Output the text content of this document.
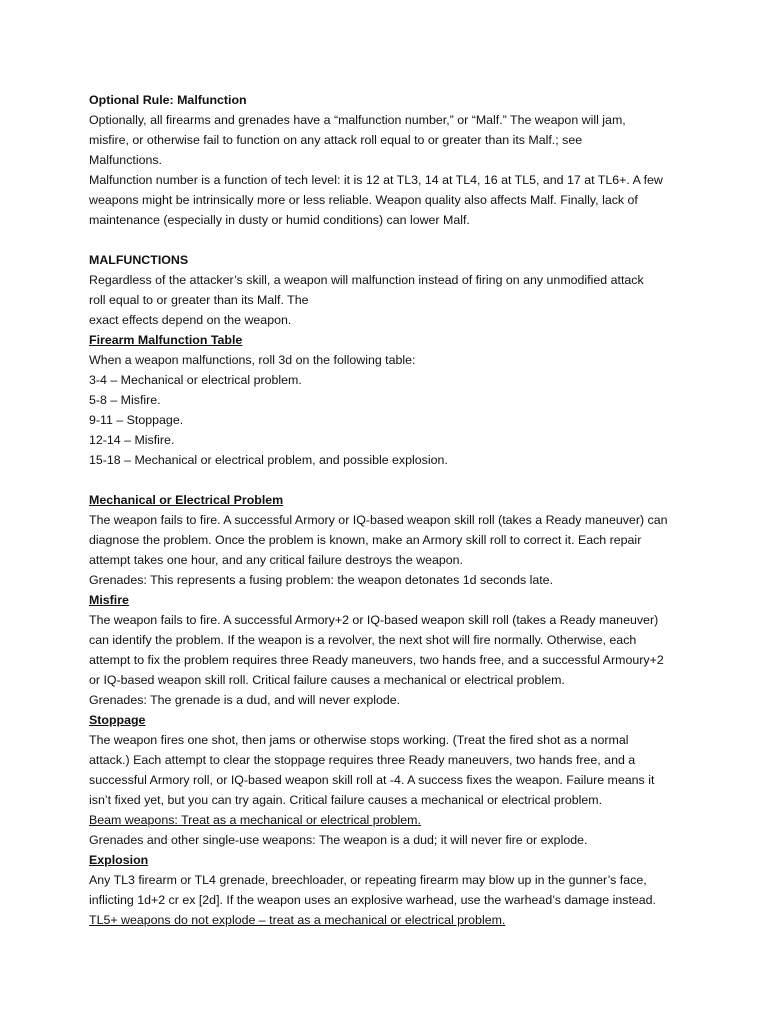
Optional Rule: Malfunction
Optionally, all firearms and grenades have a “malfunction number,” or “Malf.” The weapon will jam,
misfire, or otherwise fail to function on any attack roll equal to or greater than its Malf.; see
Malfunctions.
Malfunction number is a function of tech level: it is 12 at TL3, 14 at TL4, 16 at TL5, and 17 at TL6+. A few
weapons might be intrinsically more or less reliable. Weapon quality also affects Malf. Finally, lack of
maintenance (especially in dusty or humid conditions) can lower Malf.
MALFUNCTIONS
Regardless of the attacker’s skill, a weapon will malfunction instead of firing on any unmodified attack
roll equal to or greater than its Malf. The
exact effects depend on the weapon.
Firearm Malfunction Table
When a weapon malfunctions, roll 3d on the following table:
3-4 – Mechanical or electrical problem.
5-8 – Misfire.
9-11 – Stoppage.
12-14 – Misfire.
15-18 – Mechanical or electrical problem, and possible explosion.
Mechanical or Electrical Problem
The weapon fails to fire. A successful Armory or IQ-based weapon skill roll (takes a Ready maneuver) can
diagnose the problem. Once the problem is known, make an Armory skill roll to correct it. Each repair
attempt takes one hour, and any critical failure destroys the weapon.
Grenades: This represents a fusing problem: the weapon detonates 1d seconds late.
Misfire
The weapon fails to fire. A successful Armory+2 or IQ-based weapon skill roll (takes a Ready maneuver)
can identify the problem. If the weapon is a revolver, the next shot will fire normally. Otherwise, each
attempt to fix the problem requires three Ready maneuvers, two hands free, and a successful Armoury+2
or IQ-based weapon skill roll. Critical failure causes a mechanical or electrical problem.
Grenades: The grenade is a dud, and will never explode.
Stoppage
The weapon fires one shot, then jams or otherwise stops working. (Treat the fired shot as a normal
attack.) Each attempt to clear the stoppage requires three Ready maneuvers, two hands free, and a
successful Armory roll, or IQ-based weapon skill roll at -4. A success fixes the weapon. Failure means it
isn’t fixed yet, but you can try again. Critical failure causes a mechanical or electrical problem.
Beam weapons: Treat as a mechanical or electrical problem.
Grenades and other single-use weapons: The weapon is a dud; it will never fire or explode.
Explosion
Any TL3 firearm or TL4 grenade, breechloader, or repeating firearm may blow up in the gunner’s face,
inflicting 1d+2 cr ex [2d]. If the weapon uses an explosive warhead, use the warhead’s damage instead.
TL5+ weapons do not explode – treat as a mechanical or electrical problem.
